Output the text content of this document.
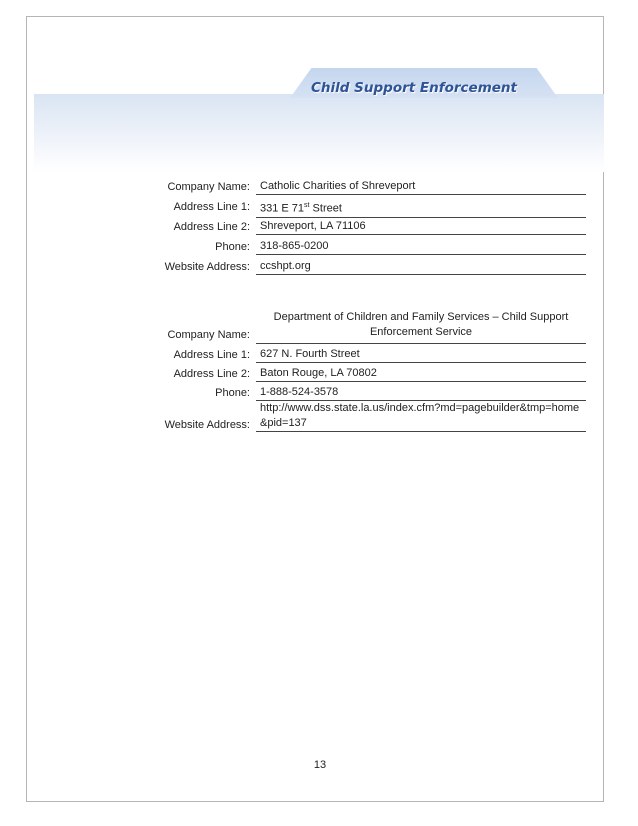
Child Support Enforcement
Company Name: Catholic Charities of Shreveport
Address Line 1: 331 E 71st Street
Address Line 2: Shreveport, LA 71106
Phone: 318-865-0200
Website Address: ccshpt.org
Company Name:
Department of Children and Family Services – Child Support Enforcement Service
Address Line 1: 627 N. Fourth Street
Address Line 2: Baton Rouge, LA 70802
Phone: 1-888-524-3578
Website Address:
http://www.dss.state.la.us/index.cfm?md=pagebuilder&tmp=home&pid=137
13
